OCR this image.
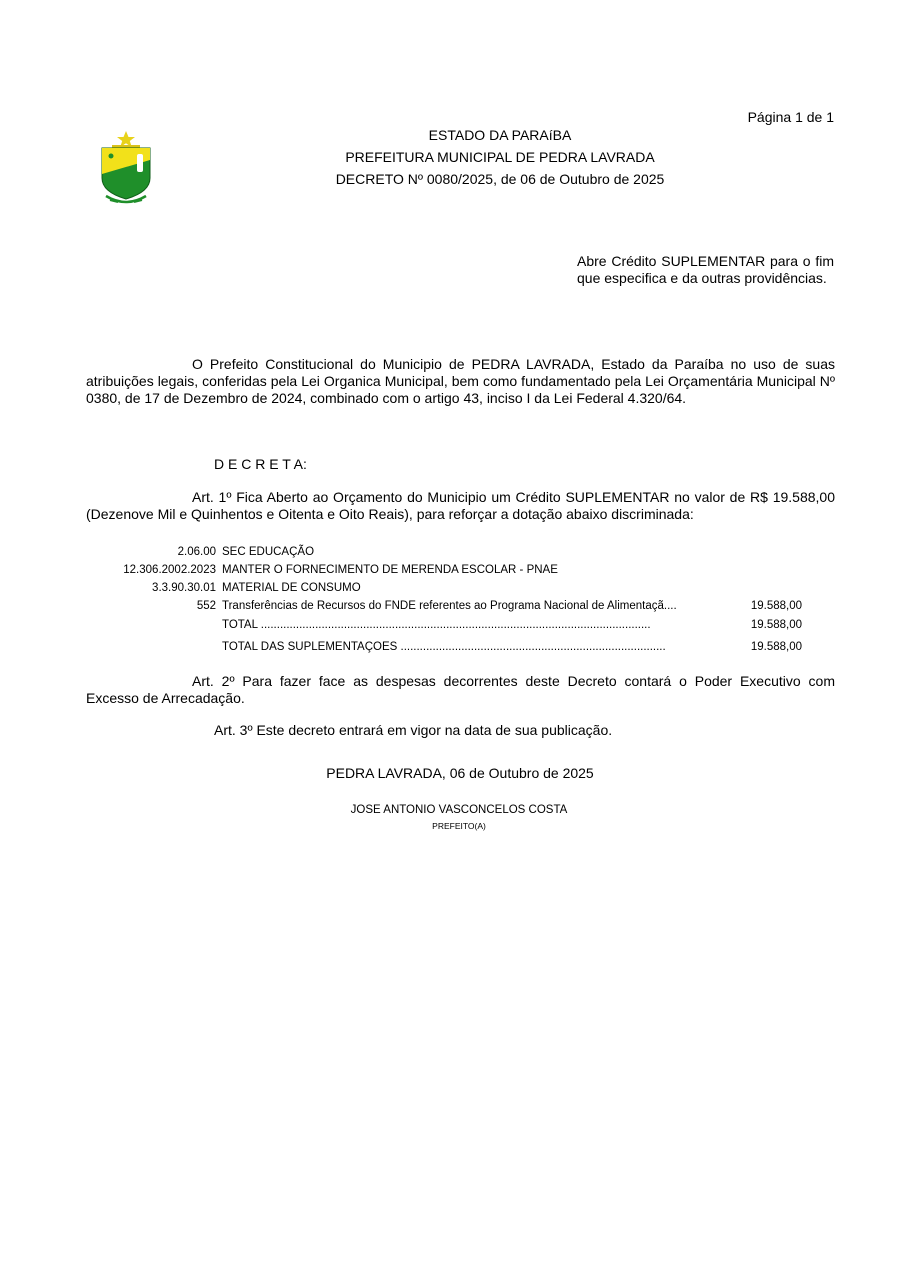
Página 1 de 1
ESTADO DA PARAíBA
PREFEITURA MUNICIPAL DE PEDRA LAVRADA
DECRETO Nº 0080/2025, de 06 de Outubro de 2025
Abre Crédito SUPLEMENTAR para o fim que especifica e da outras providências.
O Prefeito Constitucional do Municipio de PEDRA LAVRADA, Estado da Paraíba no uso de suas atribuições legais, conferidas pela Lei Organica Municipal, bem como fundamentado pela Lei Orçamentária Municipal Nº 0380, de 17 de Dezembro de 2024, combinado com o artigo 43, inciso I da Lei Federal 4.320/64.
D E C R E T A:
Art. 1º Fica Aberto ao Orçamento do Municipio um Crédito SUPLEMENTAR no valor de R$ 19.588,00 (Dezenove Mil e Quinhentos e Oitenta e Oito Reais), para reforçar a dotação abaixo discriminada:
2.06.00 SEC EDUCAÇÃO
12.306.2002.2023 MANTER O FORNECIMENTO DE MERENDA ESCOLAR - PNAE
3.3.90.30.01 MATERIAL DE CONSUMO
552 Transferências de Recursos do FNDE referentes ao Programa Nacional de Alimentaçã....	19.588,00
TOTAL ..........................................................................................................................	19.588,00
TOTAL DAS SUPLEMENTAÇÕES ...................................................................................	19.588,00
Art. 2º Para fazer face as despesas decorrentes deste Decreto contará o Poder Executivo com Excesso de Arrecadação.
Art. 3º Este decreto entrará em vigor na data de sua publicação.
PEDRA LAVRADA, 06 de Outubro de 2025
JOSE ANTONIO VASCONCELOS COSTA
PREFEITO(A)
